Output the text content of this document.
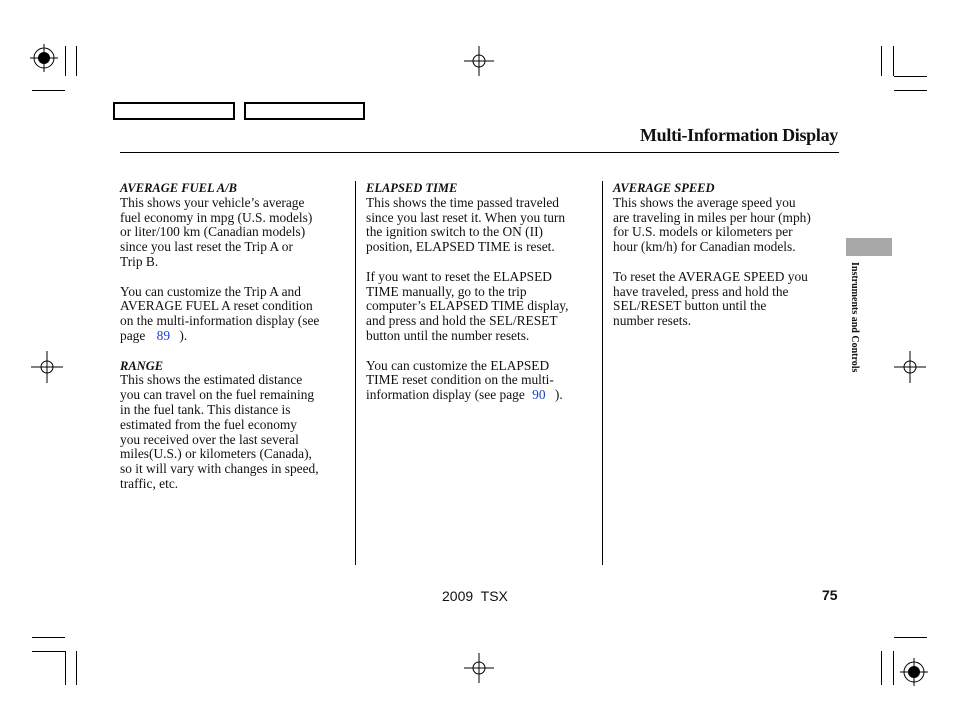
Multi-Information Display
Instruments and Controls

AVERAGE FUEL A/B

This shows your vehicle’s average

fuel economy in mpg (U.S. models)

or liter/100 km (Canadian models)

since you last reset the Trip A or

Trip B.

You can customize the Trip A and

AVERAGE FUEL A reset condition

on the multi-information display (see

page 89 ).

RANGE

This shows the estimated distance

you can travel on the fuel remaining

in the fuel tank. This distance is

estimated from the fuel economy

you received over the last several

miles(U.S.) or kilometers (Canada),

so it will vary with changes in speed,

traffic, etc.

ELAPSED TIME

This shows the time passed traveled

since you last reset it. When you turn

the ignition switch to the ON (II)

position, ELAPSED TIME is reset.

If you want to reset the ELAPSED

TIME manually, go to the trip

computer’s ELAPSED TIME display,

and press and hold the SEL/RESET

button until the number resets.

You can customize the ELAPSED

TIME reset condition on the multi-

information display (see page 90 ).

AVERAGE SPEED

This shows the average speed you

are traveling in miles per hour (mph)

for U.S. models or kilometers per

hour (km/h) for Canadian models.

To reset the AVERAGE SPEED you

have traveled, press and hold the

SEL/RESET button until the

number resets.

2009  TSX	75
